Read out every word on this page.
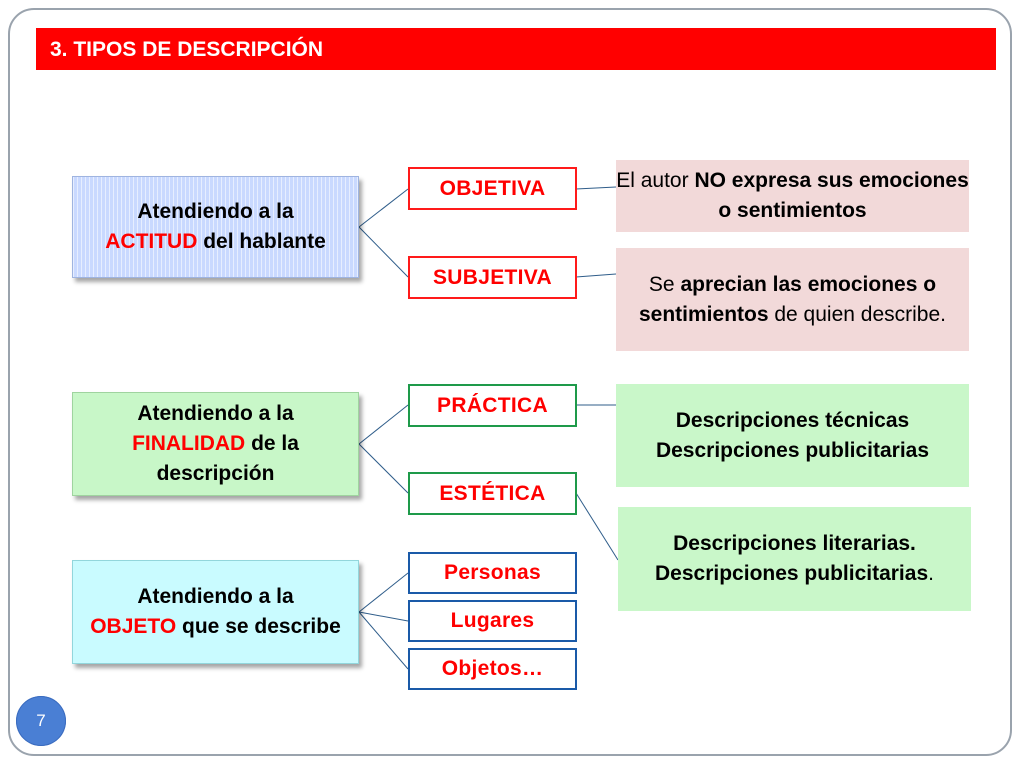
3. TIPOS DE DESCRIPCIÓN
Atendiendo a la
ACTITUD del hablante
Atendiendo a la
FINALIDAD de la descripción
Atendiendo a la
OBJETO que se describe
OBJETIVA
SUBJETIVA
PRÁCTICA
ESTÉTICA
Personas
Lugares
Objetos…
El autor NO expresa sus emociones o sentimientos
Se aprecian las emociones o sentimientos de quien describe.
Descripciones técnicas
Descripciones publicitarias
Descripciones literarias.
Descripciones publicitarias.
7
